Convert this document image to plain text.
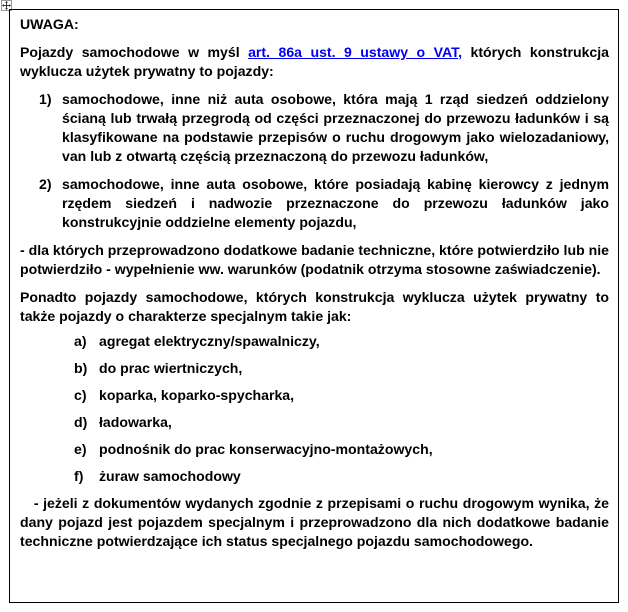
UWAGA:

Pojazdy samochodowe w myśl art. 86a ust. 9 ustawy o VAT, których konstrukcja wyklucza użytek prywatny to pojazdy:

1) samochodowe, inne niż auta osobowe, która mają 1 rząd siedzeń oddzielony ścianą lub trwałą przegrodą od części przeznaczonej do przewozu ładunków i są klasyfikowane na podstawie przepisów o ruchu drogowym jako wielozadaniowy, van lub z otwartą częścią przeznaczoną do przewozu ładunków,
2) samochodowe, inne auta osobowe, które posiadają kabinę kierowcy z jednym rzędem siedzeń i nadwozie przeznaczone do przewozu ładunków jako konstrukcyjnie oddzielne elementy pojazdu,

- dla których przeprowadzono dodatkowe badanie techniczne, które potwierdziło lub nie potwierdziło - wypełnienie ww. warunków (podatnik otrzyma stosowne zaświadczenie).

Ponadto pojazdy samochodowe, których konstrukcja wyklucza użytek prywatny to także pojazdy o charakterze specjalnym takie jak:

a) agregat elektryczny/spawalniczy,
b) do prac wiertniczych,
c) koparka, koparko-spycharka,
d) ładowarka,
e) podnośnik do prac konserwacyjno-montażowych,
f) żuraw samochodowy

- jeżeli z dokumentów wydanych zgodnie z przepisami o ruchu drogowym wynika, że dany pojazd jest pojazdem specjalnym i przeprowadzono dla nich dodatkowe badanie techniczne potwierdzające ich status specjalnego pojazdu samochodowego.
